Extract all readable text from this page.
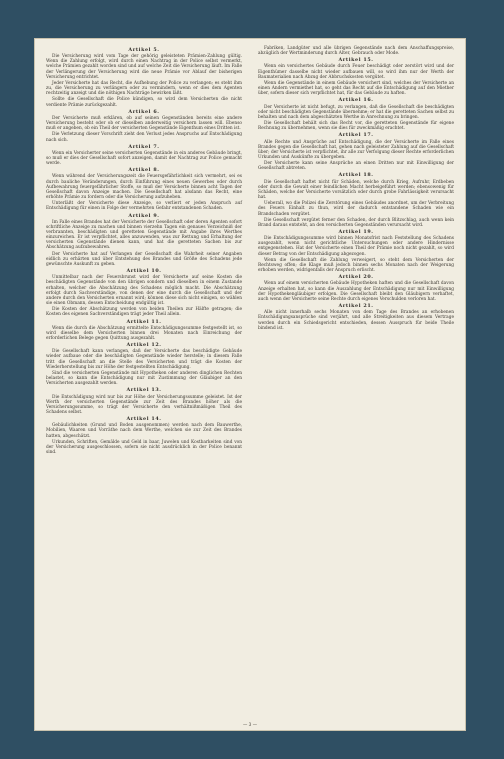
Artikel 5.

Die Versicherung wird vom Tage der gehörig geleisteten Prämien-Zahlung gültig. Wenn die Zahlung erfolgt, wird durch einen Nachtrag in der Police selbst vermerkt, welche Prämien gezahlt worden sind und auf welche Zeit die Versicherung läuft. Im Falle der Verlängerung der Versicherung wird die neue Prämie vor Ablauf der bisherigen Versicherung entrichtet.

Jeder Versicherte hat das Recht, die Aufhebung der Police zu verlangen; es steht ihm zu, die Versicherung zu verlängern oder zu vermindern, wenn er dies dem Agenten rechtzeitig anzeigt und die nöthigen Nachträge bewirken läßt.

Sollte die Gesellschaft die Police kündigen, so wird dem Versicherten die nicht verdiente Prämie zurückgezahlt.

Artikel 6.

Der Versicherte muß erklären, ob auf seinen Gegenständen bereits eine andere Versicherung besteht oder ob er dieselben anderweitig versichern lassen will. Ebenso muß er angeben, ob ein Theil der versicherten Gegenstände Eigenthum eines Dritten ist.

Die Verletzung dieser Vorschrift zieht den Verlust jedes Anspruchs auf Entschädigung nach sich.

Artikel 7.

Wenn ein Versicherter seine versicherten Gegenstände in ein anderes Gebäude bringt, so muß er dies der Gesellschaft sofort anzeigen, damit der Nachtrag zur Police gemacht werde.

Artikel 8.

Wenn während der Versicherungszeit die Feuersgefährlichkeit sich vermehrt, sei es durch bauliche Veränderungen, durch Einführung eines neuen Gewerbes oder durch Aufbewahrung feuergefährlicher Stoffe, so muß der Versicherte binnen acht Tagen der Gesellschaft davon Anzeige machen. Die Gesellschaft hat alsdann das Recht, eine erhöhte Prämie zu fordern oder die Versicherung aufzuheben.

Unterläßt der Versicherte diese Anzeige, so verliert er jeden Anspruch auf Entschädigung für einen in Folge der vermehrten Gefahr entstandenen Schaden.

Artikel 9.

Im Falle eines Brandes hat der Versicherte der Gesellschaft oder deren Agenten sofort schriftliche Anzeige zu machen und binnen vierzehn Tagen ein genaues Verzeichniß der verbrannten, beschädigten und geretteten Gegenstände mit Angabe ihres Werthes einzureichen. Er ist verpflichtet, alles anzuwenden, was zur Rettung und Erhaltung der versicherten Gegenstände dienen kann, und hat die geretteten Sachen bis zur Abschätzung aufzubewahren.

Der Versicherte hat auf Verlangen der Gesellschaft die Wahrheit seiner Angaben eidlich zu erhärten und über Entstehung des Brandes und Größe des Schadens jede gewünschte Auskunft zu geben.

Artikel 10.

Unmittelbar nach der Feuersbrunst wird der Versicherte auf seine Kosten die beschädigten Gegenstände von den übrigen sondern und dieselben in einem Zustande erhalten, welcher die Abschätzung des Schadens möglich macht. Die Abschätzung erfolgt durch Sachverständige, von denen der eine durch die Gesellschaft und der andere durch den Versicherten ernannt wird; können diese sich nicht einigen, so wählen sie einen Obmann, dessen Entscheidung endgültig ist.

Die Kosten der Abschätzung werden von beiden Theilen zur Hälfte getragen; die Kosten des eigenen Sachverständigen trägt jeder Theil allein.

Artikel 11.

Wenn die durch die Abschätzung ermittelte Entschädigungssumme festgestellt ist, so wird dieselbe dem Versicherten binnen drei Monaten nach Einreichung der erforderlichen Belege gegen Quittung ausgezahlt.

Artikel 12.

Die Gesellschaft kann verlangen, daß der Versicherte das beschädigte Gebäude wieder aufbaue oder die beschädigten Gegenstände wieder herstelle; in diesem Falle tritt die Gesellschaft an die Stelle des Versicherten und trägt die Kosten der Wiederherstellung bis zur Höhe der festgestellten Entschädigung.

Sind die versicherten Gegenstände mit Hypotheken oder anderen dinglichen Rechten belastet, so kann die Entschädigung nur mit Zustimmung der Gläubiger an den Versicherten ausgezahlt werden.

Artikel 13.

Die Entschädigung wird nur bis zur Höhe der Versicherungssumme geleistet. Ist der Werth der versicherten Gegenstände zur Zeit des Brandes höher als die Versicherungssumme, so trägt der Versicherte den verhältnißmäßigen Theil des Schadens selbst.

Artikel 14.

Gebäulichkeiten (Grund und Boden ausgenommen) werden nach dem Bauwerthe, Mobilien, Waaren und Vorräthe nach dem Werthe, welchen sie zur Zeit des Brandes hatten, abgeschätzt.

Urkunden, Schriften, Gemälde und Geld in baar, Juwelen und Kostbarkeiten sind von der Versicherung ausgeschlossen, sofern sie nicht ausdrücklich in der Police benannt sind.

Fabriken, Landgüter und alle übrigen Gegenstände nach dem Anschaffungspreise, abzüglich der Wertminderung durch Alter, Gebrauch oder Mode.

Artikel 15.

Wenn ein versichertes Gebäude durch Feuer beschädigt oder zerstört wird und der Eigenthümer dasselbe nicht wieder aufbauen will, so wird ihm nur der Werth der Baumaterialien nach Abzug der Abbruchskosten vergütet.

Wenn die Gegenstände in einem Gebäude versichert sind, welches der Versicherte an einen Andern vermiethet hat, so geht das Recht auf die Entschädigung auf den Miether über, sofern dieser sich verpflichtet hat, für das Gebäude zu haften.

Artikel 16.

Der Versicherte ist nicht befugt, zu verlangen, daß die Gesellschaft die beschädigten oder nicht beschädigten Gegenstände übernehme; er hat die geretteten Sachen selbst zu behalten und nach dem abgeschätzten Werthe in Anrechnung zu bringen.

Die Gesellschaft behält sich das Recht vor, die geretteten Gegenstände für eigene Rechnung zu übernehmen, wenn sie dies für zweckmäßig erachtet.

Artikel 17.

Alle Rechte und Ansprüche auf Entschädigung, die der Versicherte im Falle eines Brandes gegen die Gesellschaft hat, gehen nach geleisteter Zahlung auf die Gesellschaft über; der Versicherte ist verpflichtet, ihr alle zur Verfolgung dieser Rechte erforderlichen Urkunden und Auskünfte zu übergeben.

Der Versicherte kann seine Ansprüche an einen Dritten nur mit Einwilligung der Gesellschaft abtreten.

Artikel 18.

Die Gesellschaft haftet nicht für Schäden, welche durch Krieg, Aufruhr, Erdbeben oder durch die Gewalt einer feindlichen Macht herbeigeführt werden; ebensowenig für Schäden, welche der Versicherte vorsätzlich oder durch grobe Fahrlässigkeit verursacht hat.

Ueberall, wo die Polizei die Zerstörung eines Gebäudes anordnet, um der Verbreitung des Feuers Einhalt zu thun, wird der dadurch entstandene Schaden wie ein Brandschaden vergütet.

Die Gesellschaft vergütet ferner den Schaden, der durch Blitzschlag, auch wenn kein Brand daraus entsteht, an den versicherten Gegenständen verursacht wird.

Artikel 19.

Die Entschädigungssumme wird binnen Monatsfrist nach Feststellung des Schadens ausgezahlt, wenn nicht gerichtliche Untersuchungen oder andere Hindernisse entgegenstehen. Hat der Versicherte einen Theil der Prämie noch nicht gezahlt, so wird dieser Betrag von der Entschädigung abgezogen.

Wenn die Gesellschaft die Zahlung verweigert, so steht dem Versicherten der Rechtsweg offen; die Klage muß jedoch binnen sechs Monaten nach der Weigerung erhoben werden, widrigenfalls der Anspruch erlischt.

Artikel 20.

Wenn auf einem versicherten Gebäude Hypotheken haften und die Gesellschaft davon Anzeige erhalten hat, so kann die Auszahlung der Entschädigung nur mit Einwilligung der Hypothekengläubiger erfolgen. Die Gesellschaft bleibt den Gläubigern verhaftet, auch wenn der Versicherte seine Rechte durch eigenes Verschulden verloren hat.

Artikel 21.

Alle nicht innerhalb sechs Monaten von dem Tage des Brandes an erhobenen Entschädigungsansprüche sind verjährt, und alle Streitigkeiten aus diesem Vertrage werden durch ein Schiedsgericht entschieden, dessen Ausspruch für beide Theile bindend ist.

— 3 —
